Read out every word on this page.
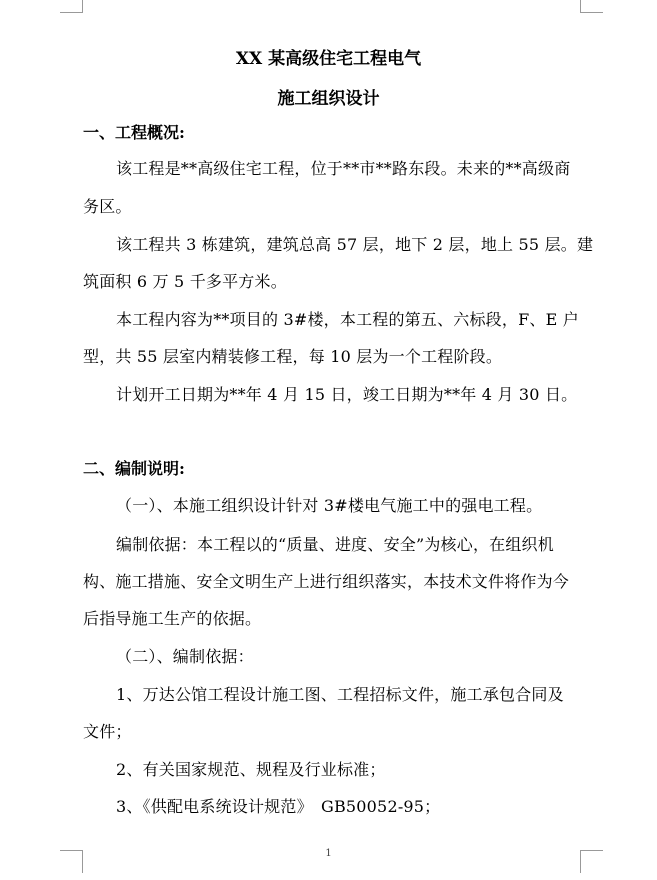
XX 某高级住宅工程电气
施工组织设计
一、工程概况:
该工程是**高级住宅工程，位于**市**路东段。未来的**高级商
务区。
该工程共 3 栋建筑，建筑总高 57 层，地下 2 层，地上 55 层。建
筑面积 6 万 5 千多平方米。
本工程内容为**项目的 3#楼，本工程的第五、六标段，F、E 户
型，共 55 层室内精装修工程，每 10 层为一个工程阶段。
计划开工日期为**年 4 月 15 日，竣工日期为**年 4 月 30 日。
二、编制说明:
（一）、本施工组织设计针对 3#楼电气施工中的强电工程。
编制依据：本工程以的“质量、进度、安全”为核心，在组织机
构、施工措施、安全文明生产上进行组织落实，本技术文件将作为今
后指导施工生产的依据。
（二）、编制依据：
1、万达公馆工程设计施工图、工程招标文件，施工承包合同及
文件；
2、有关国家规范、规程及行业标准；
3、《供配电系统设计规范》　GB50052-95；
1
